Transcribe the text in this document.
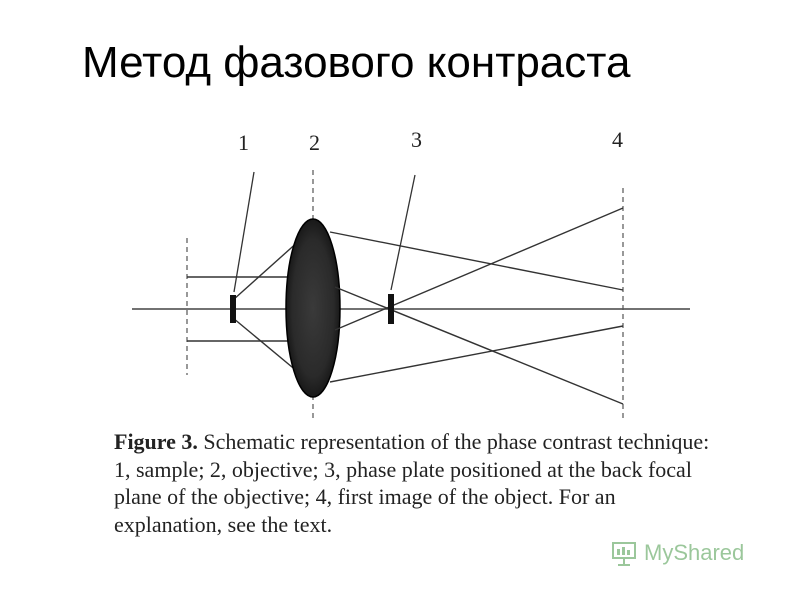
Метод фазового контраста
1	2	3	4
Figure 3. Schematic representation of the phase contrast technique: 1, sample; 2, objective; 3, phase plate positioned at the back focal plane of the objective; 4, first image of the object. For an explanation, see the text.
MyShared
